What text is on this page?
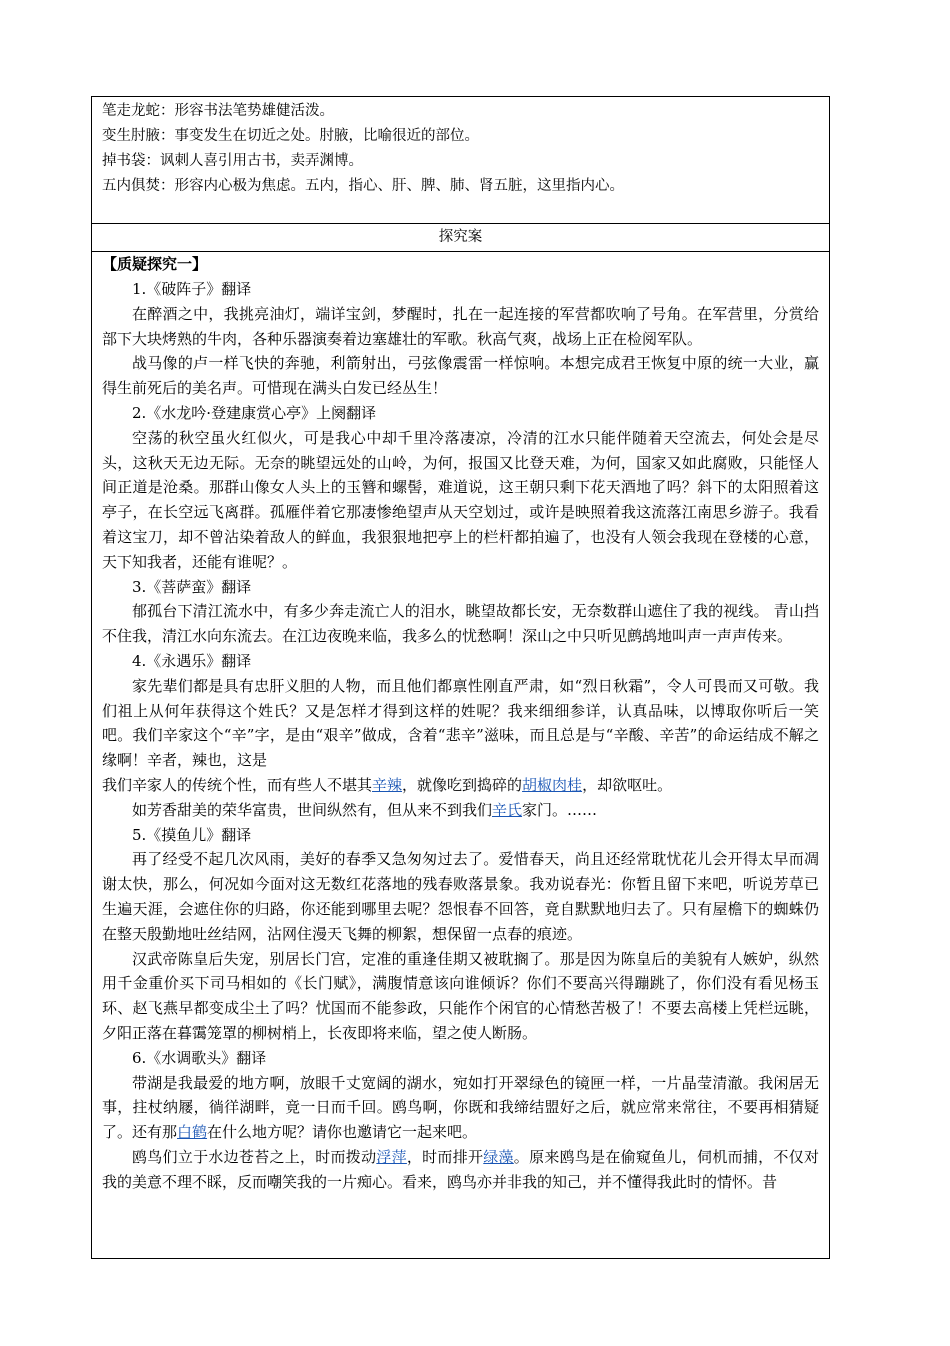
笔走龙蛇：形容书法笔势雄健活泼。
变生肘腋：事变发生在切近之处。肘腋，比喻很近的部位。
掉书袋：讽刺人喜引用古书，卖弄渊博。
五内俱焚：形容内心极为焦虑。五内，指心、肝、脾、肺、肾五脏，这里指内心。

探究案

【质疑探究一】

1.《破阵子》翻译

在醉酒之中，我挑亮油灯，端详宝剑，梦醒时，扎在一起连接的军营都吹响了号角。在军营里，分赏给部下大块烤熟的牛肉，各种乐器演奏着边塞雄壮的军歌。秋高气爽，战场上正在检阅军队。

战马像的卢一样飞快的奔驰，利箭射出，弓弦像震雷一样惊响。本想完成君王恢复中原的统一大业，赢得生前死后的美名声。可惜现在满头白发已经丛生！

2.《水龙吟·登建康赏心亭》上阕翻译

空荡的秋空虽火红似火，可是我心中却千里冷落凄凉，冷清的江水只能伴随着天空流去，何处会是尽头，这秋天无边无际。无奈的眺望远处的山岭，为何，报国又比登天难，为何，国家又如此腐败，只能怪人间正道是沧桑。那群山像女人头上的玉簪和螺髻，难道说，这王朝只剩下花天酒地了吗？斜下的太阳照着这亭子，在长空远飞离群。孤雁伴着它那凄惨绝望声从天空划过，或许是映照着我这流落江南思乡游子。我看着这宝刀，却不曾沾染着敌人的鲜血，我狠狠地把亭上的栏杆都拍遍了，也没有人领会我现在登楼的心意，天下知我者，还能有谁呢？。

3.《菩萨蛮》翻译

郁孤台下清江流水中，有多少奔走流亡人的泪水，眺望故都长安，无奈数群山遮住了我的视线。 青山挡不住我，清江水向东流去。在江边夜晚来临，我多么的忧愁啊！深山之中只听见鹧鸪地叫声一声声传来。

4.《永遇乐》翻译

家先辈们都是具有忠肝义胆的人物，而且他们都禀性刚直严肃，如“烈日秋霜”，令人可畏而又可敬。我们祖上从何年获得这个姓氏？又是怎样才得到这样的姓呢？我来细细参详，认真品味，以博取你听后一笑吧。我们辛家这个“辛”字，是由“艰辛”做成，含着“悲辛”滋味，而且总是与“辛酸、辛苦”的命运结成不解之缘啊！辛者，辣也，这是

我们辛家人的传统个性，而有些人不堪其辛辣，就像吃到捣碎的胡椒肉桂，却欲呕吐。

如芳香甜美的荣华富贵，世间纵然有，但从来不到我们辛氏家门。……

5.《摸鱼儿》翻译

再了经受不起几次风雨，美好的春季又急匆匆过去了。爱惜春天，尚且还经常耽忧花儿会开得太早而凋谢太快，那么，何况如今面对这无数红花落地的残春败落景象。我劝说春光：你暂且留下来吧，听说芳草已生遍天涯，会遮住你的归路，你还能到哪里去呢？怨恨春不回答，竟自默默地归去了。只有屋檐下的蜘蛛仍在整天殷勤地吐丝结网，沾网住漫天飞舞的柳絮，想保留一点春的痕迹。

汉武帝陈皇后失宠，别居长门宫，定准的重逢佳期又被耽搁了。那是因为陈皇后的美貌有人嫉妒，纵然用千金重价买下司马相如的《长门赋》，满腹情意该向谁倾诉？你们不要高兴得蹦跳了，你们没有看见杨玉环、赵飞燕早都变成尘土了吗？忧国而不能参政，只能作个闲官的心情愁苦极了！不要去高楼上凭栏远眺，夕阳正落在暮霭笼罩的柳树梢上，长夜即将来临，望之使人断肠。

6.《水调歌头》翻译

带湖是我最爱的地方啊，放眼千丈宽阔的湖水，宛如打开翠绿色的镜匣一样，一片晶莹清澈。我闲居无事，拄杖纳屦，徜徉湖畔，竟一日而千回。鸥鸟啊，你既和我缔结盟好之后，就应常来常往，不要再相猜疑了。还有那白鹤在什么地方呢？请你也邀请它一起来吧。

鸥鸟们立于水边苍苔之上，时而拨动浮萍，时而排开绿藻。原来鸥鸟是在偷窥鱼儿，伺机而捕，不仅对我的美意不理不睬，反而嘲笑我的一片痴心。看来，鸥鸟亦并非我的知己，并不懂得我此时的情怀。昔
